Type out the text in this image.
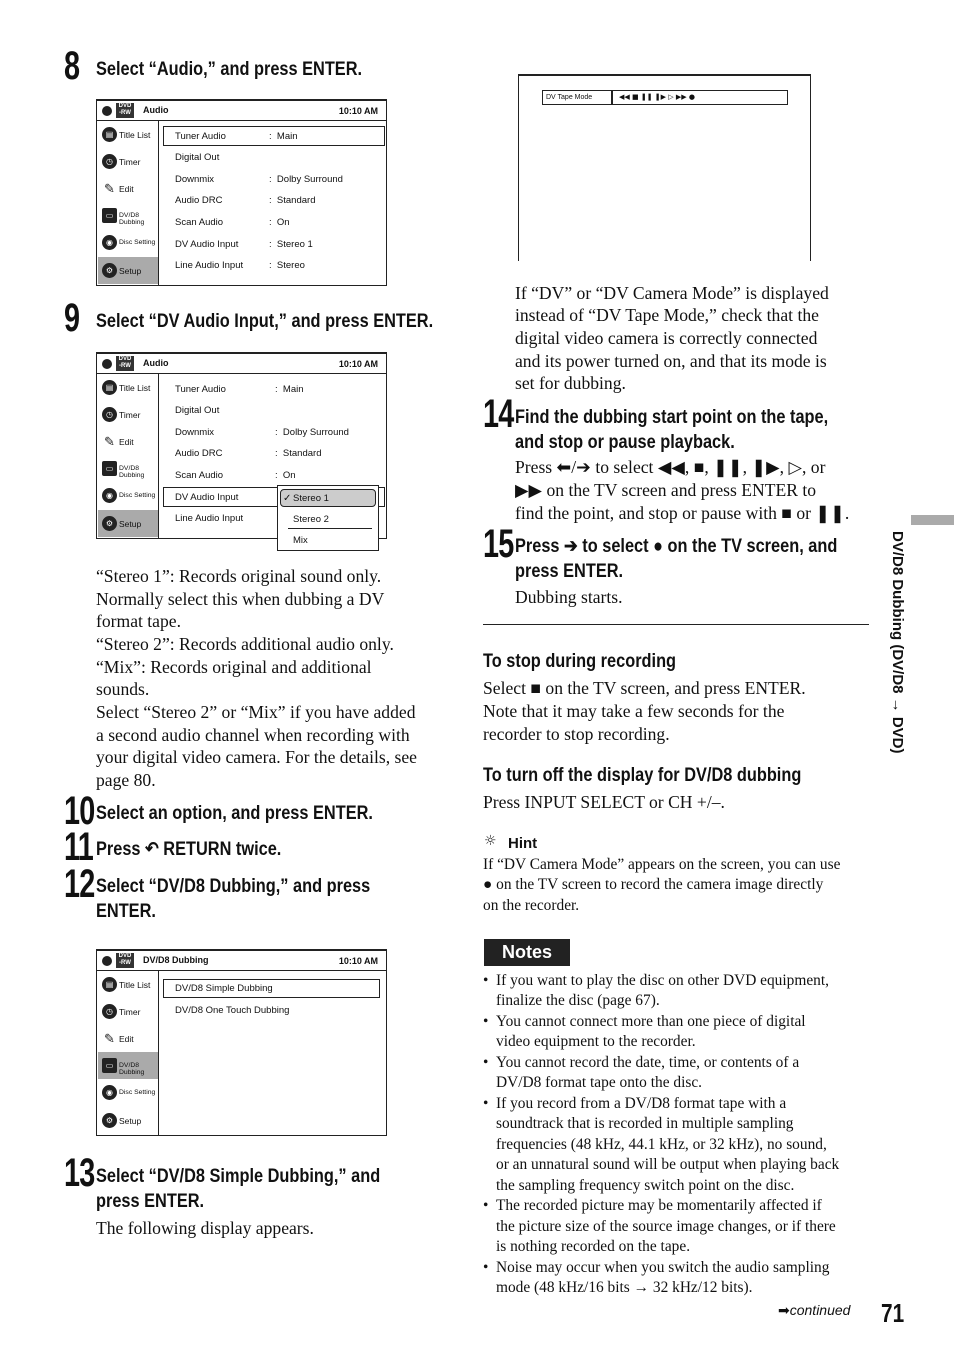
8 Select “Audio,” and press ENTER.
DVD
-RW	Audio	10:10 AM
▤ Title List
◷ Timer
✎ Edit
▭ DV/D8 Dubbing
◉ Disc Setting
⚙ Setup
Tuner Audio	:  Main
Digital Out
Downmix	:  Dolby Surround
Audio DRC	:  Standard
Scan Audio	:  On
DV Audio Input	:  Stereo 1
Line Audio Input	:  Stereo
9 Select “DV Audio Input,” and press ENTER.
DVD
-RW	Audio	10:10 AM
▤ Title List
◷ Timer
✎ Edit
▭ DV/D8 Dubbing
◉ Disc Setting
⚙ Setup
Tuner Audio	:  Main
Digital Out
Downmix	:  Dolby Surround
Audio DRC	:  Standard
Scan Audio	:  On
DV Audio Input
Line Audio Input
✓ Stereo 1
Stereo 2
Mix
“Stereo 1”: Records original sound only.
Normally select this when dubbing a DV
format tape.
“Stereo 2”: Records additional audio only.
“Mix”: Records original and additional
sounds.
Select “Stereo 2” or “Mix” if you have added
a second audio channel when recording with
your digital video camera. For the details, see
page 80.
10 Select an option, and press ENTER.
11 Press ↶ RETURN twice.
12 Select “DV/D8 Dubbing,” and press
ENTER.
DVD
-RW	DV/D8 Dubbing	10:10 AM
▤ Title List
◷ Timer
✎ Edit
▭ DV/D8 Dubbing
◉ Disc Setting
⚙ Setup
DV/D8 Simple Dubbing
DV/D8 One Touch Dubbing
13 Select “DV/D8 Simple Dubbing,” and
press ENTER.
The following display appears.
DV Tape Mode	◀◀ ■ ❚❚ ❚▶ ▷ ▶▶ ●
If “DV” or “DV Camera Mode” is displayed
instead of “DV Tape Mode,” check that the
digital video camera is correctly connected
and its power turned on, and that its mode is
set for dubbing.
14 Find the dubbing start point on the tape,
and stop or pause playback.
Press ⬅/➔ to select ◀◀, ■, ❚❚, ❚▶, ▷, or
▶▶ on the TV screen and press ENTER to
find the point, and stop or pause with ■ or ❚❚.
15 Press ➔ to select ● on the TV screen, and
press ENTER.
Dubbing starts.
To stop during recording
Select ■ on the TV screen, and press ENTER.
Note that it may take a few seconds for the
recorder to stop recording.
To turn off the display for DV/D8 dubbing
Press INPUT SELECT or CH +/–.
☼ Hint
If “DV Camera Mode” appears on the screen, you can use
● on the TV screen to record the camera image directly
on the recorder.
Notes
• If you want to play the disc on other DVD equipment,
finalize the disc (page 67).
• You cannot connect more than one piece of digital
video equipment to the recorder.
• You cannot record the date, time, or contents of a
DV/D8 format tape onto the disc.
• If you record from a DV/D8 format tape with a
soundtrack that is recorded in multiple sampling
frequencies (48 kHz, 44.1 kHz, or 32 kHz), no sound,
or an unnatural sound will be output when playing back
the sampling frequency switch point on the disc.
• The recorded picture may be momentarily affected if
the picture size of the source image changes, or if there
is nothing recorded on the tape.
• Noise may occur when you switch the audio sampling
mode (48 kHz/16 bits → 32 kHz/12 bits).
➡continued 71
DV/D8 Dubbing (DV/D8 → DVD)
